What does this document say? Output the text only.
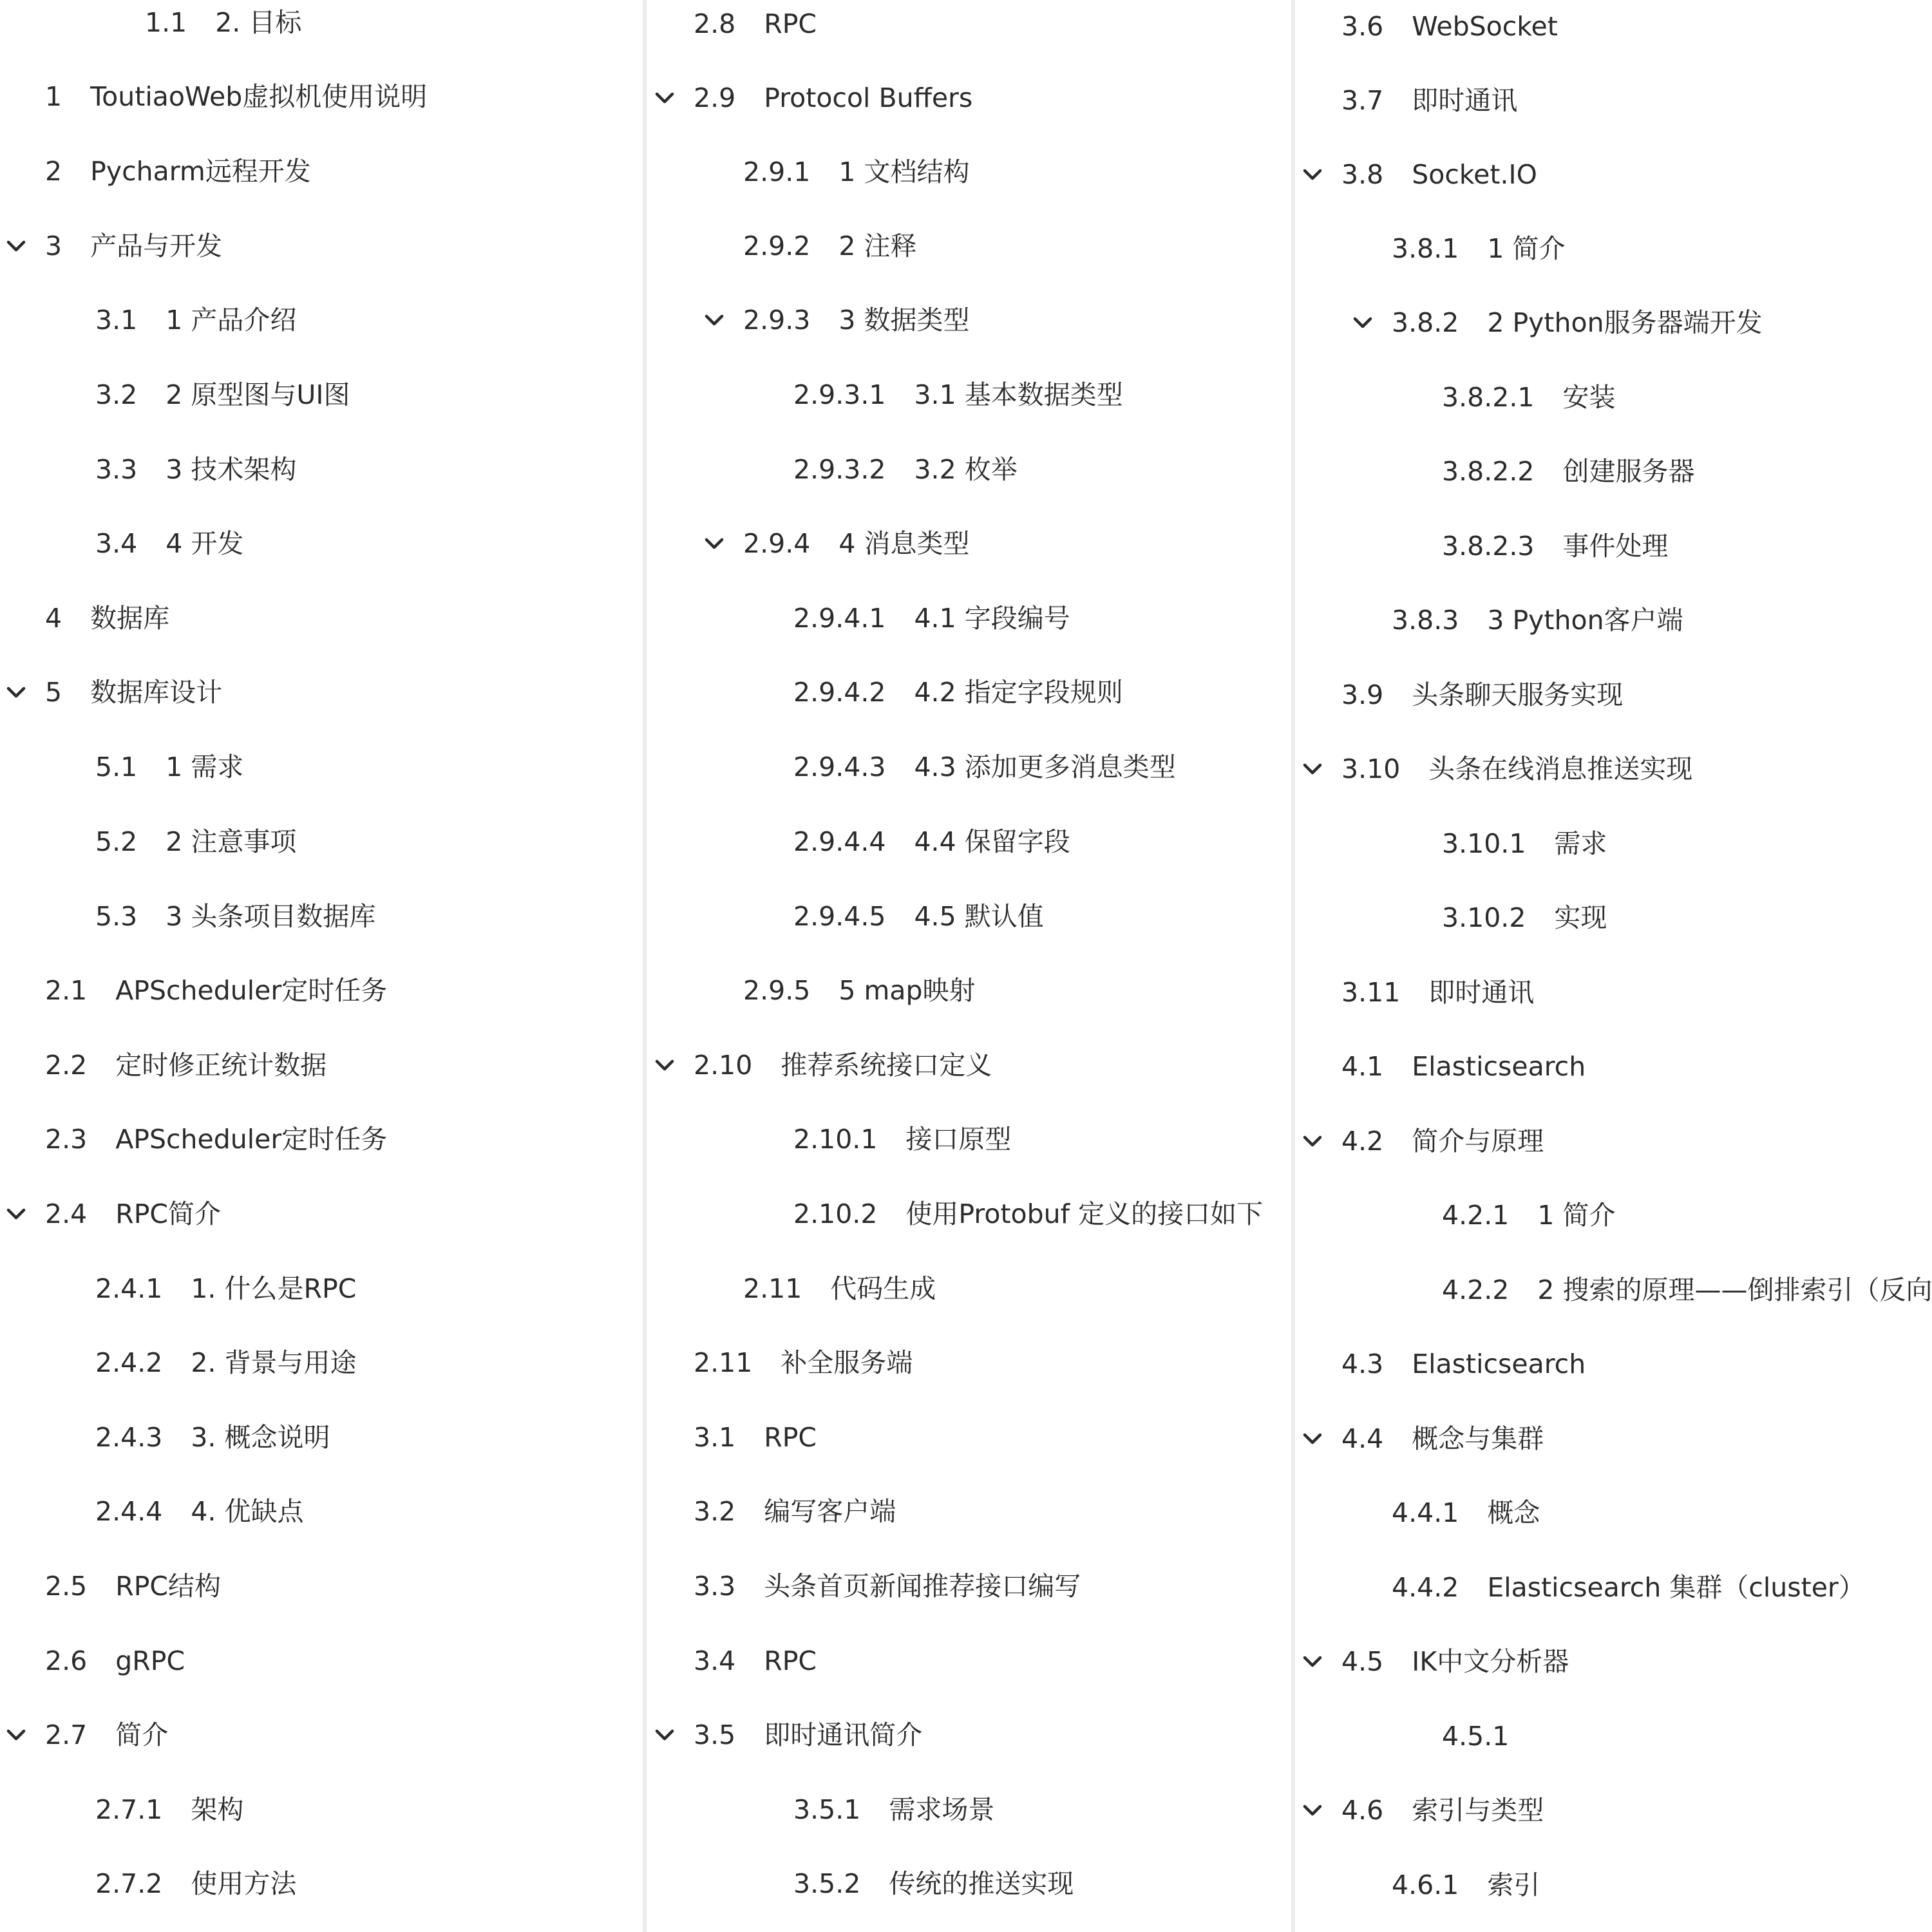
1.1 2. 目标
1 ToutiaoWeb虚拟机使用说明
2 Pycharm远程开发
3 产品与开发
3.1 1 产品介绍
3.2 2 原型图与UI图
3.3 3 技术架构
3.4 4 开发
4 数据库
5 数据库设计
5.1 1 需求
5.2 2 注意事项
5.3 3 头条项目数据库
2.1 APScheduler定时任务
2.2 定时修正统计数据
2.3 APScheduler定时任务
2.4 RPC简介
2.4.1 1. 什么是RPC
2.4.2 2. 背景与用途
2.4.3 3. 概念说明
2.4.4 4. 优缺点
2.5 RPC结构
2.6 gRPC
2.7 简介
2.7.1 架构
2.7.2 使用方法
2.8 RPC
2.9 Protocol Buffers
2.9.1 1 文档结构
2.9.2 2 注释
2.9.3 3 数据类型
2.9.3.1 3.1 基本数据类型
2.9.3.2 3.2 枚举
2.9.4 4 消息类型
2.9.4.1 4.1 字段编号
2.9.4.2 4.2 指定字段规则
2.9.4.3 4.3 添加更多消息类型
2.9.4.4 4.4 保留字段
2.9.4.5 4.5 默认值
2.9.5 5 map映射
2.10 推荐系统接口定义
2.10.1 接口原型
2.10.2 使用Protobuf 定义的接口如下
2.11 代码生成
2.11 补全服务端
3.1 RPC
3.2 编写客户端
3.3 头条首页新闻推荐接口编写
3.4 RPC
3.5 即时通讯简介
3.5.1 需求场景
3.5.2 传统的推送实现
3.6 WebSocket
3.7 即时通讯
3.8 Socket.IO
3.8.1 1 简介
3.8.2 2 Python服务器端开发
3.8.2.1 安装
3.8.2.2 创建服务器
3.8.2.3 事件处理
3.8.3 3 Python客户端
3.9 头条聊天服务实现
3.10 头条在线消息推送实现
3.10.1 需求
3.10.2 实现
3.11 即时通讯
4.1 Elasticsearch
4.2 简介与原理
4.2.1 1 简介
4.2.2 2 搜索的原理——倒排索引（反向
4.3 Elasticsearch
4.4 概念与集群
4.4.1 概念
4.4.2 Elasticsearch 集群（cluster）
4.5 IK中文分析器
4.5.1
4.6 索引与类型
4.6.1 索引
